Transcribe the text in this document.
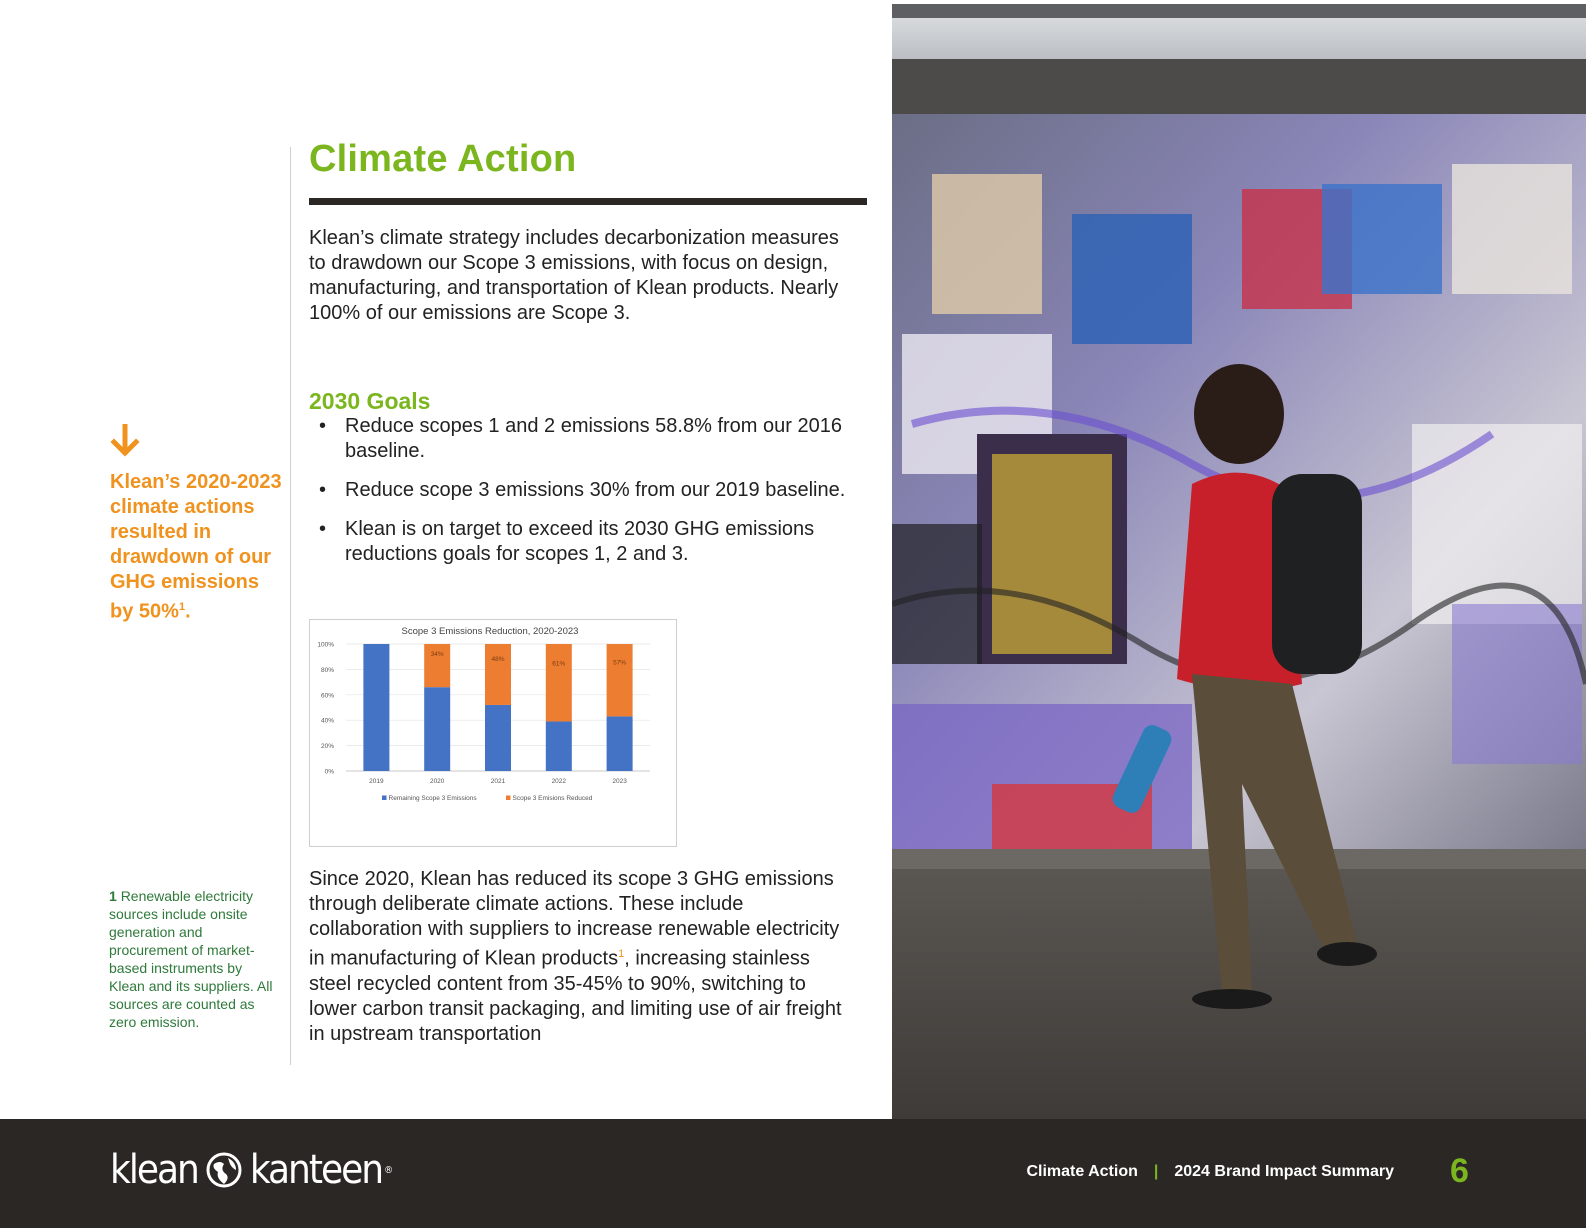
Klean’s 2020-2023 climate actions resulted in drawdown of our GHG emissions by 50%$^1$.
1 Renewable electricity sources include onsite generation and procurement of market-based instruments by Klean and its suppliers. All sources are counted as zero emission.
Climate Action

Klean’s climate strategy includes decarbonization measures to drawdown our Scope 3 emissions, with focus on design, manufacturing, and transportation of Klean products. Nearly 100% of our emissions are Scope 3.

2030 Goals
• Reduce scopes 1 and 2 emissions 58.8% from our 2016 baseline.
• Reduce scope 3 emissions 30% from our 2019 baseline.
• Klean is on target to exceed its 2030 GHG emissions reductions goals for scopes 1, 2 and 3.
Scope 3 Emissions Reduction, 2020-2023
0%
20%
40%
60%
80%
100%
2019
34%
2020
48%
2021
61%
2022
57%
2023
Remaining Scope 3 Emissions	Scope 3 Emisions Reduced

Since 2020, Klean has reduced its scope 3 GHG emissions through deliberate climate actions. These include collaboration with suppliers to increase renewable electricity in manufacturing of Klean products$^1$, increasing stainless steel recycled content from 35-45% to 90%, switching to lower carbon transit packaging, and limiting use of air freight in upstream transportation

klean kanteen ®	Climate Action | 2024 Brand Impact Summary 6
